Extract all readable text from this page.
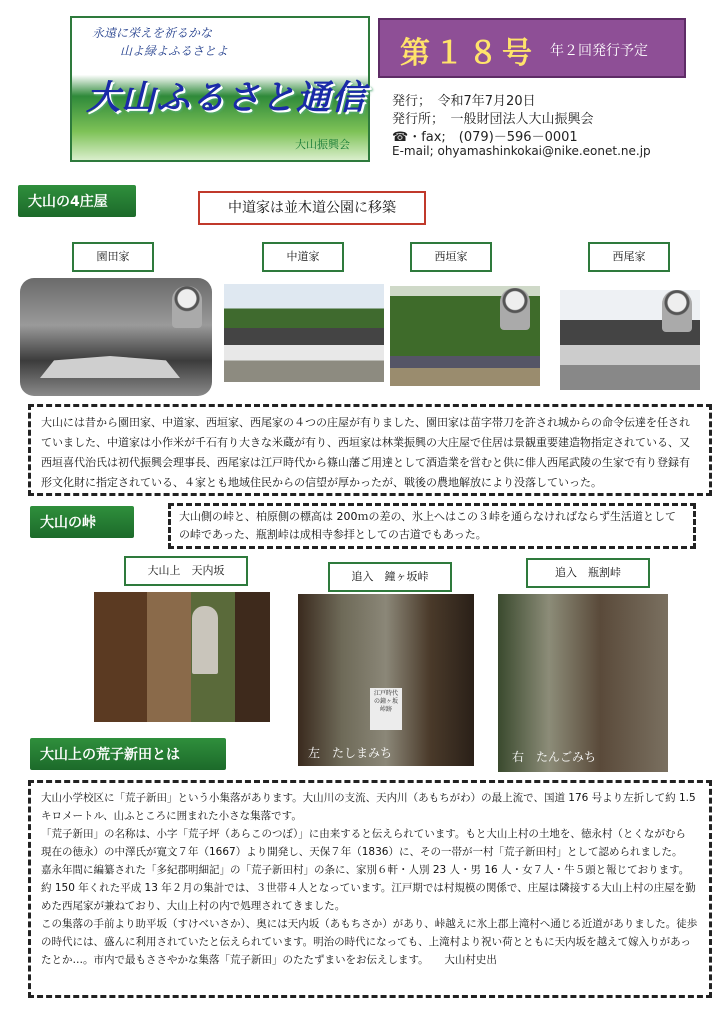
永遠に栄えを祈るかな
山よ緑よふるさとよ
大山ふるさと通信
大山振興会
第１８号 年２回発行予定
発行；　令和7年7月20日
発行所；　一般財団法人大山振興会
☎・fax;　(079)－596－0001
E-mail; ohyamashinkokai@nike.eonet.ne.jp
大山の4庄屋	中道家は並木道公園に移築
園田家	中道家	西垣家	西尾家
大山には昔から園田家、中道家、西垣家、西尾家の４つの庄屋が有りました、園田家は苗字帯刀を許され城からの命令伝達を任されていました、中道家は小作米が千石有り大きな米蔵が有り、西垣家は林業振興の大庄屋で住居は景観重要建造物指定されている、又西垣喜代治氏は初代振興会理事長、西尾家は江戸時代から篠山藩ご用達として酒造業を営むと供に俳人西尾武陵の生家で有り登録有形文化財に指定されている、４家とも地域住民からの信望が厚かったが、戦後の農地解放により没落していった。
大山の峠	大山側の峠と、柏原側の標高は 200ｍの差の、氷上へはこの３峠を通らなければならず生活道としての峠であった、瓶割峠は成相寺参拝としての古道でもあった。
大山上　天内坂	追入　鐘ヶ坂峠	追入　瓶割峠
江戸時代の鐘ヶ坂峠跡
左　たしまみち	右　たんごみち
大山上の荒子新田とは
大山小学校区に「荒子新田」という小集落があります。大山川の支流、天内川（あもちがわ）の最上流で、国道 176 号より左折して約 1.5 キロメートル、山ふところに囲まれた小さな集落です。
「荒子新田」の名称は、小字「荒子坪（あらこのつぼ）」に由来すると伝えられています。もと大山上村の土地を、徳永村（とくながむら　現在の徳永）の中澤氏が寛文７年（1667）より開発し、天保７年（1836）に、その一帯が一村「荒子新田村」として認められました。
嘉永年間に編纂された「多紀郡明細記」の「荒子新田村」の条に、家別６軒・人別 23 人・男 16 人・女７人・牛５頭と報じております。約 150 年くれた平成 13 年２月の集計では、３世帯４人となっています。江戸期では村規模の関係で、庄屋は隣接する大山上村の庄屋を勤めた西尾家が兼ねており、大山上村の内で処理されてきました。
この集落の手前より助平坂（すけべいさか）、奥には天内坂（あもちさか）があり、峠越えに氷上郡上滝村へ通じる近道がありました。徒歩の時代には、盛んに利用されていたと伝えられています。明治の時代になっても、上滝村より祝い荷とともに天内坂を越えて嫁入りがあったとか…。市内で最もささやかな集落「荒子新田」のたたずまいをお伝えします。　　大山村史出
